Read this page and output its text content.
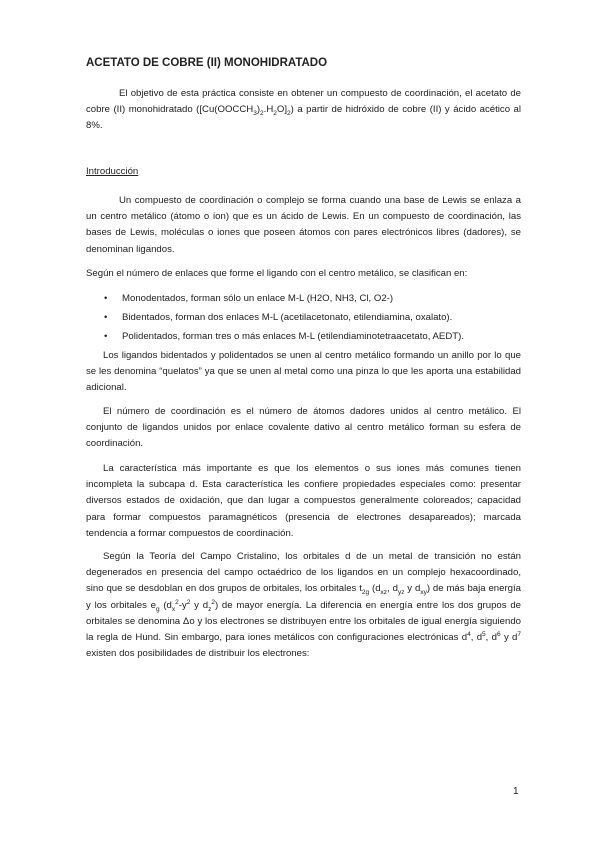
ACETATO DE COBRE (II) MONOHIDRATADO

El objetivo de esta práctica consiste en obtener un compuesto de coordinación, el acetato de cobre (II) monohidratado $([Cu(OOCCH_3)_2.H_2O]_2)$ a partir de hidróxido de cobre (II) y ácido acético al 8%.

Introducción

Un compuesto de coordinación o complejo se forma cuando una base de Lewis se enlaza a un centro metálico (átomo o ion) que es un ácido de Lewis. En un compuesto de coordinación, las bases de Lewis, moléculas o iones que poseen átomos con pares electrónicos libres (dadores), se denominan ligandos.

Según el número de enlaces que forme el ligando con el centro metálico, se clasifican en:

• Monodentados, forman sólo un enlace M-L (H2O, NH3, Cl, O2-)
• Bidentados, forman dos enlaces M-L (acetilacetonato, etilendiamina, oxalato).
• Polidentados, forman tres o más enlaces M-L (etilendiaminotetraacetato, AEDT).

Los ligandos bidentados y polidentados se unen al centro metálico formando un anillo por lo que se les denomina “quelatos” ya que se unen al metal como una pinza lo que les aporta una estabilidad adicional.

El número de coordinación es el número de átomos dadores unidos al centro metálico. El conjunto de ligandos unidos por enlace covalente dativo al centro metálico forman su esfera de coordinación.

La característica más importante es que los elementos o sus iones más comunes tienen incompleta la subcapa d. Esta característica les confiere propiedades especiales como: presentar diversos estados de oxidación, que dan lugar a compuestos generalmente coloreados; capacidad para formar compuestos paramagnéticos (presencia de electrones desapareados); marcada tendencia a formar compuestos de coordinación.

Según la Teoría del Campo Cristalino, los orbitales d de un metal de transición no están degenerados en presencia del campo octaédrico de los ligandos en un complejo hexacoordinado, sino que se desdoblan en dos grupos de orbitales, los orbitales $t_{2g}$ ($d_{xz}$, $d_{yz}$ y $d_{xy}$) de más baja energía y los orbitales $e_g$ ($d_x^2-y^2$ y $d_z^2$) de mayor energía. La diferencia en energía entre los dos grupos de orbitales se denomina Δo y los electrones se distribuyen entre los orbitales de igual energía siguiendo la regla de Hund. Sin embargo, para iones metálicos con configuraciones electrónicas $d^4$, $d^5$, $d^6$ y $d^7$ existen dos posibilidades de distribuir los electrones:

1
